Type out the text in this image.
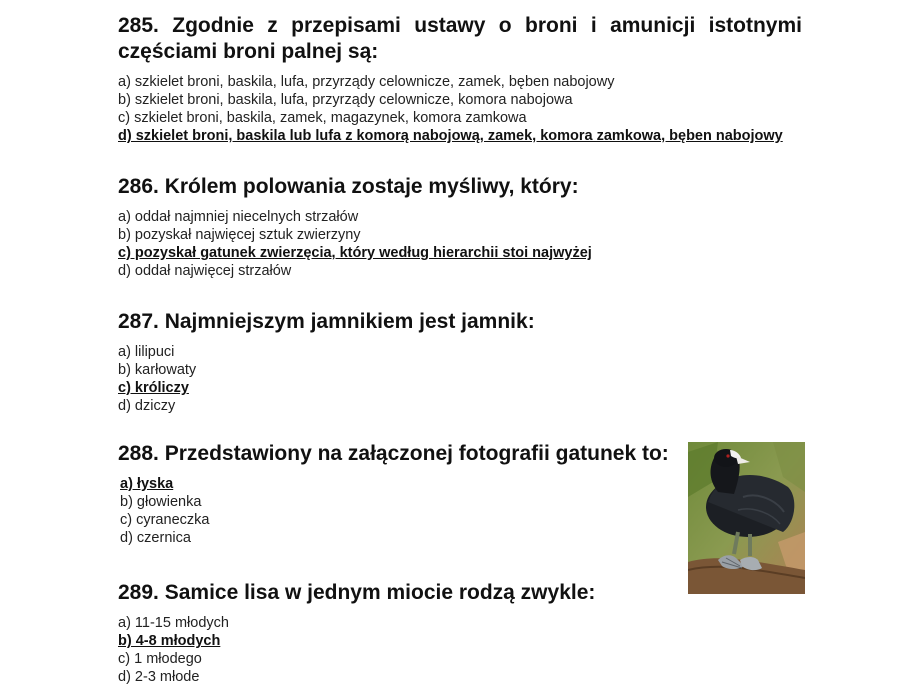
285. Zgodnie z przepisami ustawy o broni i amunicji istotnymi częściami broni palnej są:

a) szkielet broni, baskila, lufa, przyrządy celownicze, zamek, bęben nabojowy
b) szkielet broni, baskila, lufa, przyrządy celownicze, komora nabojowa
c) szkielet broni, baskila, zamek, magazynek, komora zamkowa
d) szkielet broni, baskila lub lufa z komorą nabojową, zamek, komora zamkowa, bęben nabojowy

286. Królem polowania zostaje myśliwy, który:

a) oddał najmniej niecelnych strzałów
b) pozyskał najwięcej sztuk zwierzyny
c) pozyskał gatunek zwierzęcia, który według hierarchii stoi najwyżej
d) oddał najwięcej strzałów

287. Najmniejszym jamnikiem jest jamnik:

a) lilipuci
b) karłowaty
c) króliczy
d) dziczy

288. Przedstawiony na załączonej fotografii gatunek to:

a) łyska
b) głowienka
c) cyraneczka
d) czernica

289. Samice lisa w jednym miocie rodzą zwykle:

a) 11-15 młodych
b) 4-8 młodych
c) 1 młodego
d) 2-3 młode
